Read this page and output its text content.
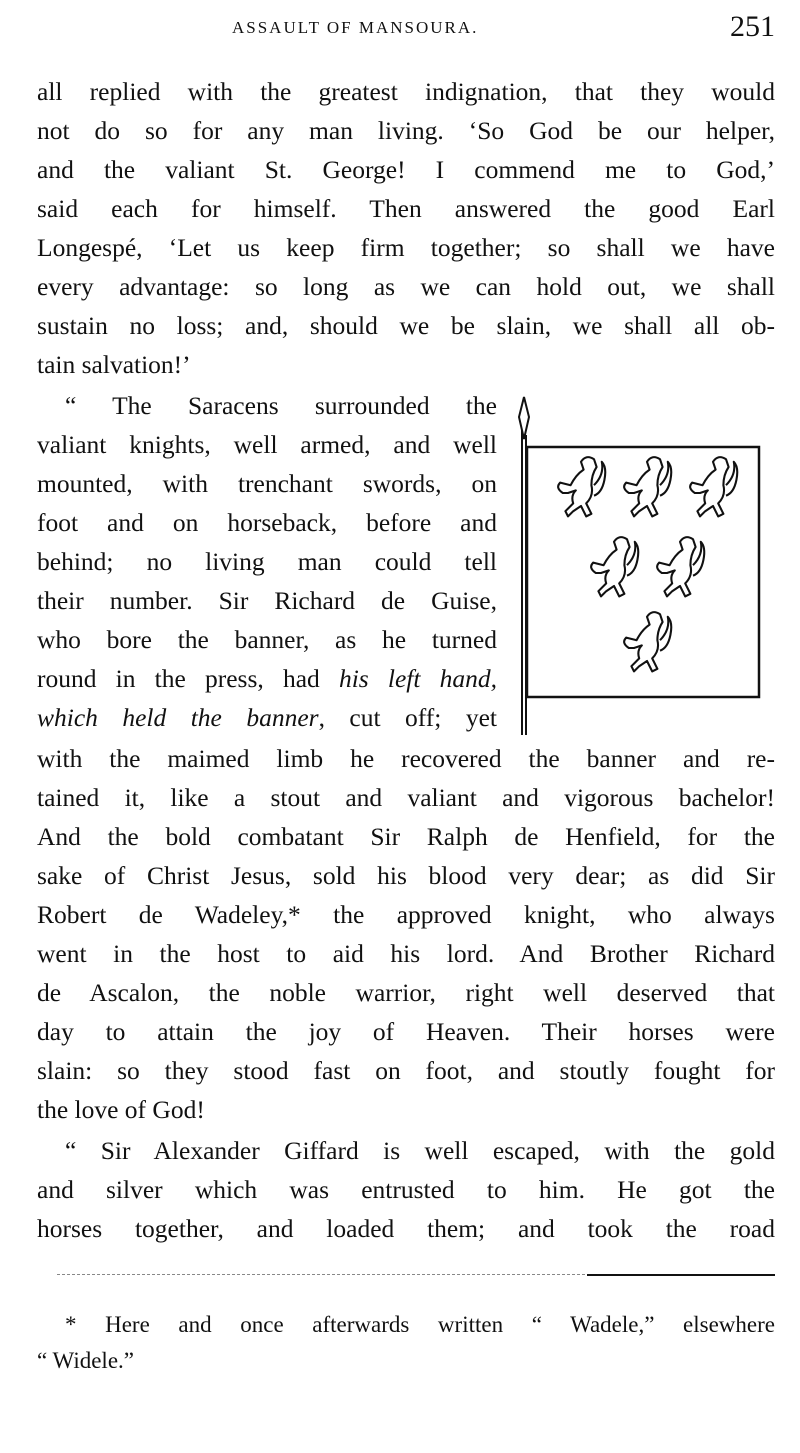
ASSAULT OF MANSOURA.	251
all replied with the greatest indignation, that they would
not do so for any man living. ‘So God be our helper,
and the valiant St. George! I commend me to God,’
said each for himself. Then answered the good Earl
Longespé, ‘Let us keep firm together; so shall we have
every advantage: so long as we can hold out, we shall
sustain no loss; and, should we be slain, we shall all ob-
tain salvation!’
“ The Saracens surrounded the
valiant knights, well armed, and well
mounted, with trenchant swords, on
foot and on horseback, before and
behind; no living man could tell
their number. Sir Richard de Guise,
who bore the banner, as he turned
round in the press, had his left hand,
which held the banner, cut off; yet
with the maimed limb he recovered the banner and re-
tained it, like a stout and valiant and vigorous bachelor!
And the bold combatant Sir Ralph de Henfield, for the
sake of Christ Jesus, sold his blood very dear; as did Sir
Robert de Wadeley,* the approved knight, who always
went in the host to aid his lord. And Brother Richard
de Ascalon, the noble warrior, right well deserved that
day to attain the joy of Heaven. Their horses were
slain: so they stood fast on foot, and stoutly fought for
the love of God!
“ Sir Alexander Giffard is well escaped, with the gold
and silver which was entrusted to him. He got the
horses together, and loaded them; and took the road
* Here and once afterwards written “ Wadele,” elsewhere
“ Widele.”
